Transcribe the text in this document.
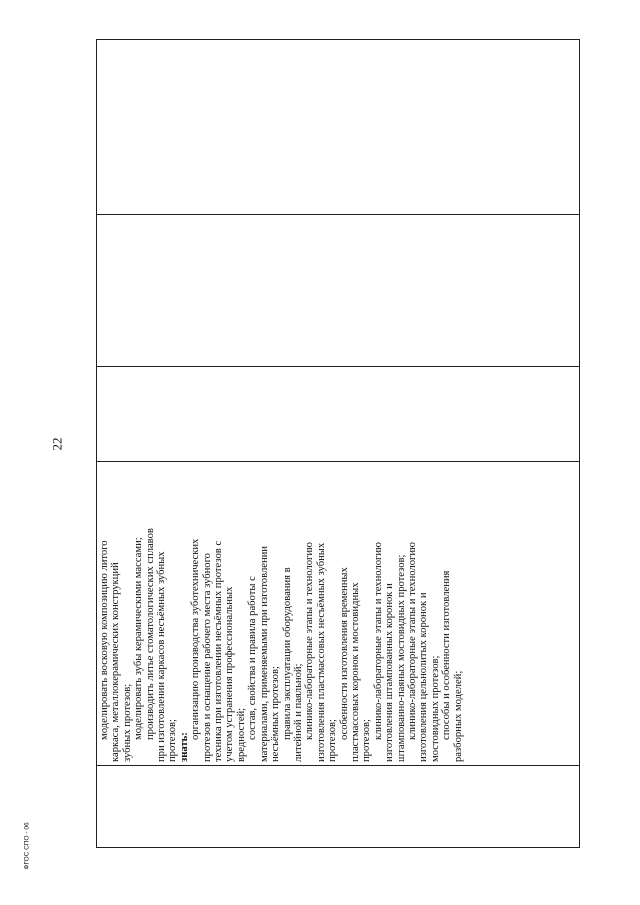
22

моделировать восковую композицию литого каркаса, металлокерамических конструкций зубных протезов; моделировать зубы керамическими массами; производить литье стоматологических сплавов при изготовлении каркасов несъёмных зубных протезов; знать:

организацию производства зуботехнических протезов и оснащение рабочего места зубного техника при изготовлении несъёмных протезов с учетом устранения профессиональных вредностей; состав, свойства и правила работы с материалами, применяемыми при изготовлении несъёмных протезов; правила эксплуатации оборудования в литейной и паяльной; клинико-лабораторные этапы и технологию изготовления пластмассовых несъёмных зубных протезов;

особенности изготовления временных пластмассовых коронок и мостовидных протезов;

клинико-лабораторные этапы и технологию изготовления штампованных коронок и штампованно-паяных мостовидных протезов; клинико-лабораторные этапы и технологию изготовления цельнолитых коронок и мостовидных протезов; способы и особенности изготовления разборных моделей;

ФГОС СПО - 06
